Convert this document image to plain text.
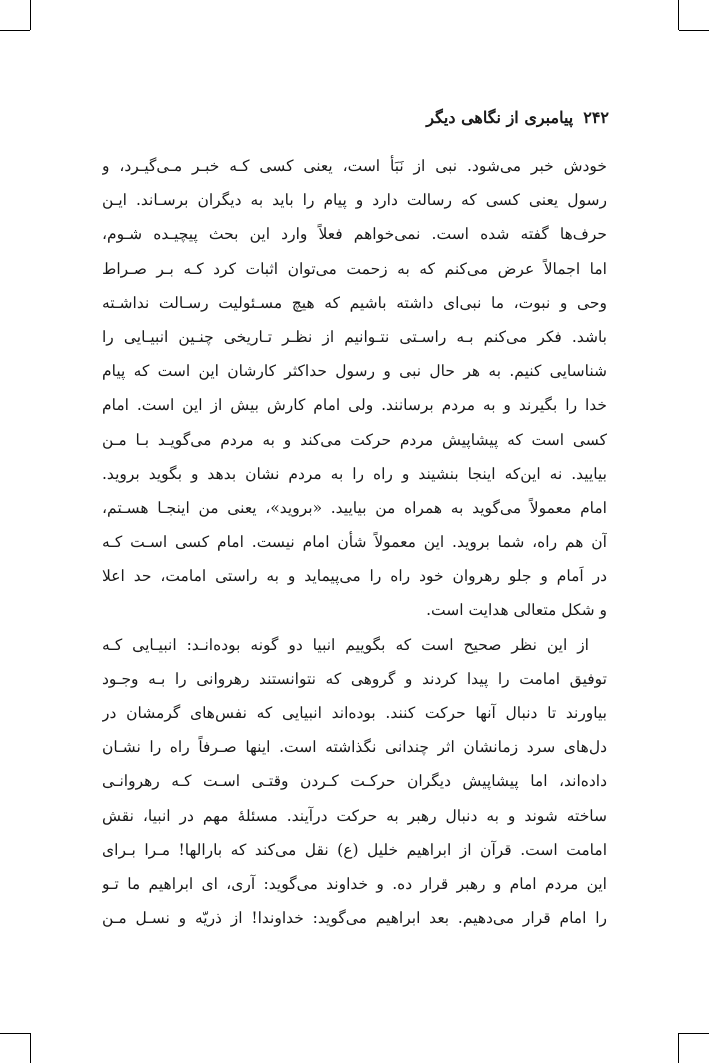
۲۴۲پیامبری از نگاهی دیگر
خودش خبر می‌شود. نبی از نَبَأ است، یعنی کسی کـه خبـر مـی‌گیـرد، و
رسول یعنی کسی که رسالت دارد و پیام را باید به دیگران برسـاند. ایـن
حرف‌ها گفته شده است. نمی‌خواهم فعلاً وارد این بحث پیچیـده شـوم،
اما اجمالاً عرض می‌کنم که به زحمت می‌توان اثبات کرد کـه بـر صـراط
وحی و نبوت، ما نبی‌ای داشته باشیم که هیچ مسـئولیت رسـالت نداشـته
باشد. فکر می‌کنم بـه راسـتی نتـوانیم از نظـر تـاریخی چنـین انبیـایی را
شناسایی کنیم. به هر حال نبی و رسول حداکثر کارشان این است که پیام
خدا را بگیرند و به مردم برسانند. ولی امام کارش بیش از این است. امام
کسی است که پیشاپیش مردم حرکت می‌کند و به مردم می‌گویـد بـا مـن
بیایید. نه این‌که اینجا بنشیند و راه را به مردم نشان بدهد و بگوید بروید.
امام معمولاً می‌گوید به همراه من بیایید. «بروید»، یعنی من اینجـا هسـتم،
آن هم راه، شما بروید. این معمولاً شأن امام نیست. امام کسی اسـت کـه
در اَمام و جلو رهروان خود راه را می‌پیماید و به راستی امامت، حد اعلا
و شکل متعالی هدایت است.
از این نظر صحیح است که بگوییم انبیا دو گونه بوده‌انـد: انبیـایی کـه
توفیق امامت را پیدا کردند و گروهی که نتوانستند رهروانی را بـه وجـود
بیاورند تا دنبال آنها حرکت کنند. بوده‌اند انبیایی که نفس‌های گرمشان در
دل‌های سرد زمانشان اثر چندانی نگذاشته است. اینها صـرفاً راه را نشـان
داده‌اند، اما پیشاپیش دیگران حرکـت کـردن وقتـی اسـت کـه رهروانـی
ساخته شوند و به دنبال رهبر به حرکت درآیند. مسئلهٔ مهم در انبیا، نقش
امامت است. قرآن از ابراهیم خلیل (ع) نقل می‌کند که بارالها! مـرا بـرای
این مردم امام و رهبر قرار ده. و خداوند می‌گوید: آری، ای ابراهیم ما تـو
را امام قرار می‌دهیم. بعد ابراهیم می‌گوید: خداوندا! از ذریّه و نسـل مـن
